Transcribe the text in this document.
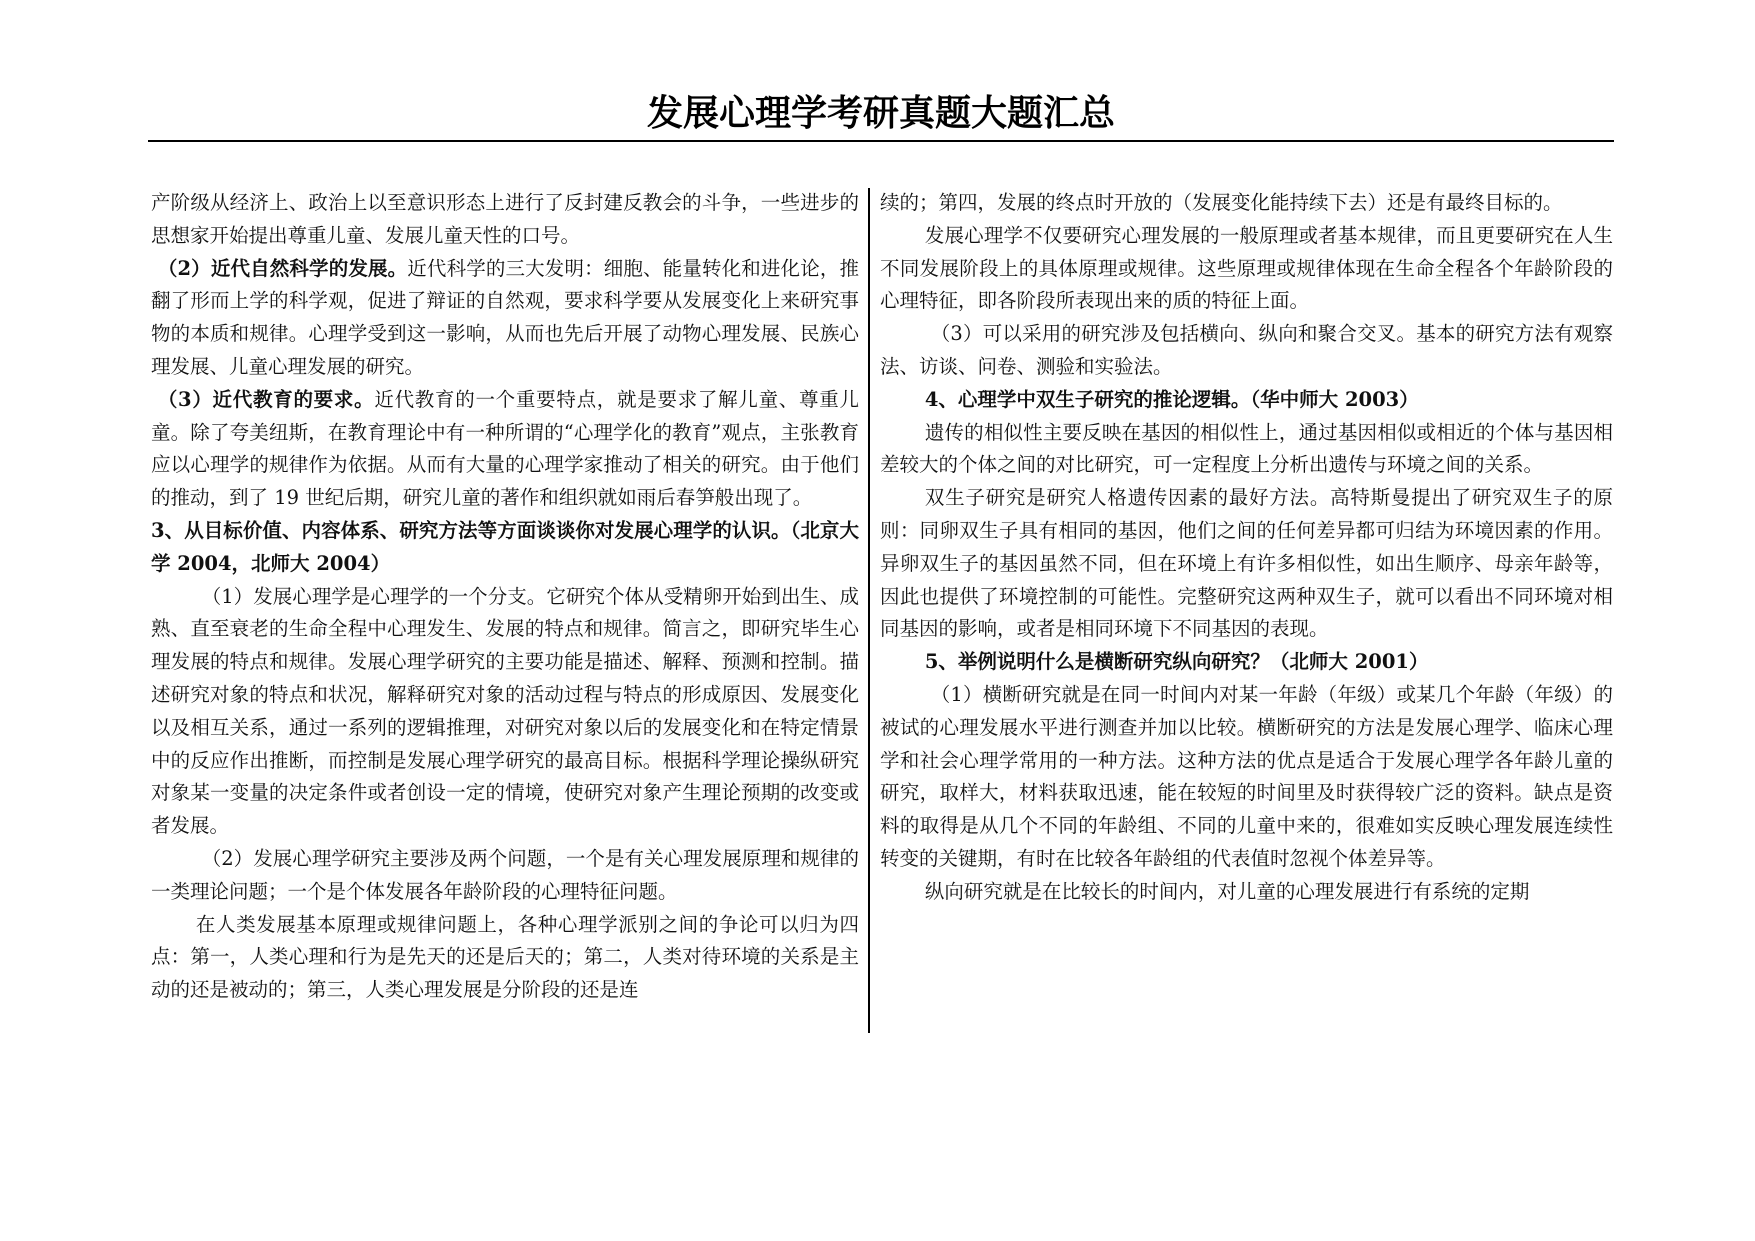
发展心理学考研真题大题汇总

产阶级从经济上、政治上以至意识形态上进行了反封建反教会的斗争，一些进步的思想家开始提出尊重儿童、发展儿童天性的口号。

（2）近代自然科学的发展。近代科学的三大发明：细胞、能量转化和进化论，推翻了形而上学的科学观，促进了辩证的自然观，要求科学要从发展变化上来研究事物的本质和规律。心理学受到这一影响，从而也先后开展了动物心理发展、民族心理发展、儿童心理发展的研究。

（3）近代教育的要求。近代教育的一个重要特点，就是要求了解儿童、尊重儿童。除了夸美纽斯，在教育理论中有一种所谓的“心理学化的教育”观点，主张教育应以心理学的规律作为依据。从而有大量的心理学家推动了相关的研究。由于他们的推动，到了 19 世纪后期，研究儿童的著作和组织就如雨后春笋般出现了。

3、从目标价值、内容体系、研究方法等方面谈谈你对发展心理学的认识。（北京大学 2004，北师大 2004）

（1）发展心理学是心理学的一个分支。它研究个体从受精卵开始到出生、成熟、直至衰老的生命全程中心理发生、发展的特点和规律。简言之，即研究毕生心理发展的特点和规律。发展心理学研究的主要功能是描述、解释、预测和控制。描述研究对象的特点和状况，解释研究对象的活动过程与特点的形成原因、发展变化以及相互关系，通过一系列的逻辑推理，对研究对象以后的发展变化和在特定情景中的反应作出推断，而控制是发展心理学研究的最高目标。根据科学理论操纵研究对象某一变量的决定条件或者创设一定的情境，使研究对象产生理论预期的改变或者发展。

（2）发展心理学研究主要涉及两个问题，一个是有关心理发展原理和规律的一类理论问题；一个是个体发展各年龄阶段的心理特征问题。

在人类发展基本原理或规律问题上，各种心理学派别之间的争论可以归为四点：第一，人类心理和行为是先天的还是后天的；第二，人类对待环境的关系是主动的还是被动的；第三，人类心理发展是分阶段的还是连

续的；第四，发展的终点时开放的（发展变化能持续下去）还是有最终目标的。

发展心理学不仅要研究心理发展的一般原理或者基本规律，而且更要研究在人生不同发展阶段上的具体原理或规律。这些原理或规律体现在生命全程各个年龄阶段的心理特征，即各阶段所表现出来的质的特征上面。

（3）可以采用的研究涉及包括横向、纵向和聚合交叉。基本的研究方法有观察法、访谈、问卷、测验和实验法。

4、心理学中双生子研究的推论逻辑。（华中师大 2003）

遗传的相似性主要反映在基因的相似性上，通过基因相似或相近的个体与基因相差较大的个体之间的对比研究，可一定程度上分析出遗传与环境之间的关系。

双生子研究是研究人格遗传因素的最好方法。高特斯曼提出了研究双生子的原则：同卵双生子具有相同的基因，他们之间的任何差异都可归结为环境因素的作用。异卵双生子的基因虽然不同，但在环境上有许多相似性，如出生顺序、母亲年龄等，因此也提供了环境控制的可能性。完整研究这两种双生子，就可以看出不同环境对相同基因的影响，或者是相同环境下不同基因的表现。

5、举例说明什么是横断研究纵向研究？（北师大 2001）

（1）横断研究就是在同一时间内对某一年龄（年级）或某几个年龄（年级）的被试的心理发展水平进行测查并加以比较。横断研究的方法是发展心理学、临床心理学和社会心理学常用的一种方法。这种方法的优点是适合于发展心理学各年龄儿童的研究，取样大，材料获取迅速，能在较短的时间里及时获得较广泛的资料。缺点是资料的取得是从几个不同的年龄组、不同的儿童中来的，很难如实反映心理发展连续性转变的关键期，有时在比较各年龄组的代表值时忽视个体差异等。

纵向研究就是在比较长的时间内，对儿童的心理发展进行有系统的定期
